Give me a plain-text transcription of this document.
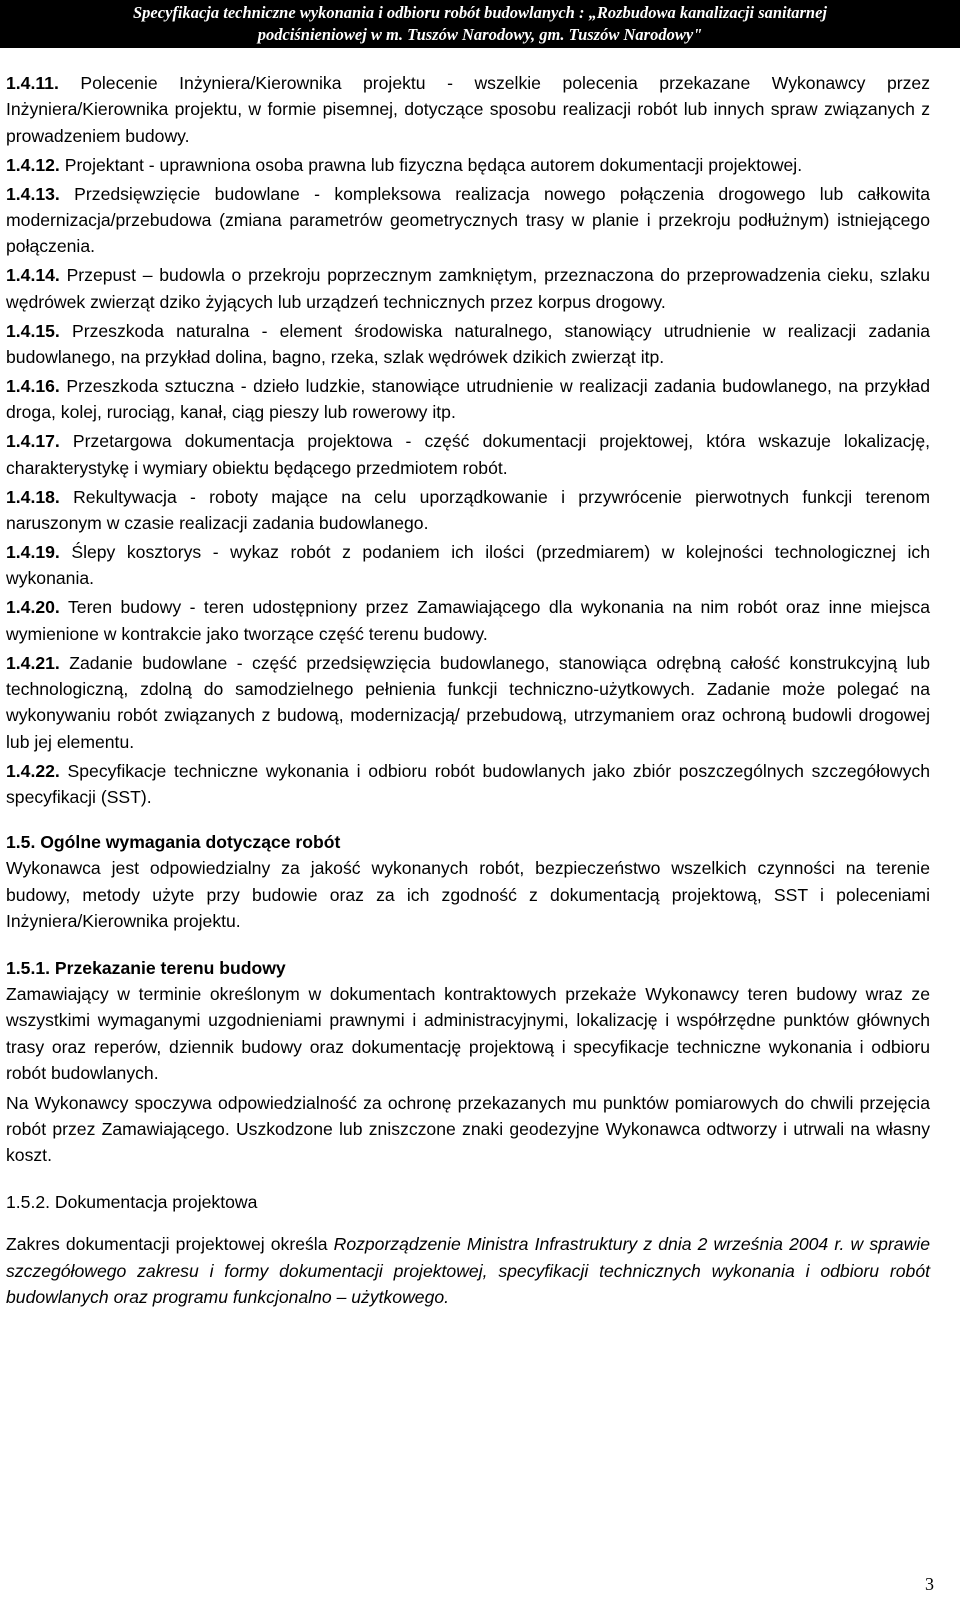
Specyfikacja techniczne wykonania i odbioru robót budowlanych : „Rozbudowa kanalizacji sanitarnej
podciśnieniowej w m. Tuszów Narodowy, gm. Tuszów Narodowy"

1.4.11. Polecenie Inżyniera/Kierownika projektu - wszelkie polecenia przekazane Wykonawcy przez Inżyniera/Kierownika projektu, w formie pisemnej, dotyczące sposobu realizacji robót lub innych spraw związanych z prowadzeniem budowy.

1.4.12. Projektant - uprawniona osoba prawna lub fizyczna będąca autorem dokumentacji projektowej.

1.4.13. Przedsięwzięcie budowlane - kompleksowa realizacja nowego połączenia drogowego lub całkowita modernizacja/przebudowa (zmiana parametrów geometrycznych trasy w planie i przekroju podłużnym) istniejącego połączenia.

1.4.14. Przepust – budowla o przekroju poprzecznym zamkniętym, przeznaczona do przeprowadzenia cieku, szlaku wędrówek zwierząt dziko żyjących lub urządzeń technicznych przez korpus drogowy.

1.4.15. Przeszkoda naturalna - element środowiska naturalnego, stanowiący utrudnienie w realizacji zadania budowlanego, na przykład dolina, bagno, rzeka, szlak wędrówek dzikich zwierząt itp.

1.4.16. Przeszkoda sztuczna - dzieło ludzkie, stanowiące utrudnienie w realizacji zadania budowlanego, na przykład droga, kolej, rurociąg, kanał, ciąg pieszy lub rowerowy itp.

1.4.17. Przetargowa dokumentacja projektowa - część dokumentacji projektowej, która wskazuje lokalizację, charakterystykę i wymiary obiektu będącego przedmiotem robót.

1.4.18. Rekultywacja - roboty mające na celu uporządkowanie i przywrócenie pierwotnych funkcji terenom naruszonym w czasie realizacji zadania budowlanego.

1.4.19. Ślepy kosztorys - wykaz robót z podaniem ich ilości (przedmiarem) w kolejności technologicznej ich wykonania.

1.4.20. Teren budowy - teren udostępniony przez Zamawiającego dla wykonania na nim robót oraz inne miejsca wymienione w kontrakcie jako tworzące część terenu budowy.

1.4.21. Zadanie budowlane - część przedsięwzięcia budowlanego, stanowiąca odrębną całość konstrukcyjną lub technologiczną, zdolną do samodzielnego pełnienia funkcji techniczno-użytkowych. Zadanie może polegać na wykonywaniu robót związanych z budową, modernizacją/ przebudową, utrzymaniem oraz ochroną budowli drogowej lub jej elementu.

1.4.22. Specyfikacje techniczne wykonania i odbioru robót budowlanych jako zbiór poszczególnych szczegółowych specyfikacji (SST).

1.5. Ogólne wymagania dotyczące robót

Wykonawca jest odpowiedzialny za jakość wykonanych robót, bezpieczeństwo wszelkich czynności na terenie budowy, metody użyte przy budowie oraz za ich zgodność z dokumentacją projektową, SST i poleceniami Inżyniera/Kierownika projektu.

1.5.1. Przekazanie terenu budowy

Zamawiający w terminie określonym w dokumentach kontraktowych przekaże Wykonawcy teren budowy wraz ze wszystkimi wymaganymi uzgodnieniami prawnymi i administracyjnymi, lokalizację i współrzędne punktów głównych trasy oraz reperów, dziennik budowy oraz dokumentację projektową i specyfikacje techniczne wykonania i odbioru robót budowlanych.

Na Wykonawcy spoczywa odpowiedzialność za ochronę przekazanych mu punktów pomiarowych do chwili przejęcia robót przez Zamawiającego. Uszkodzone lub zniszczone znaki geodezyjne Wykonawca odtworzy i utrwali na własny koszt.

1.5.2. Dokumentacja projektowa

Zakres dokumentacji projektowej określa Rozporządzenie Ministra Infrastruktury z dnia 2 września 2004 r. w sprawie szczegółowego zakresu i formy dokumentacji projektowej, specyfikacji technicznych wykonania i odbioru robót budowlanych oraz programu funkcjonalno – użytkowego.

3
